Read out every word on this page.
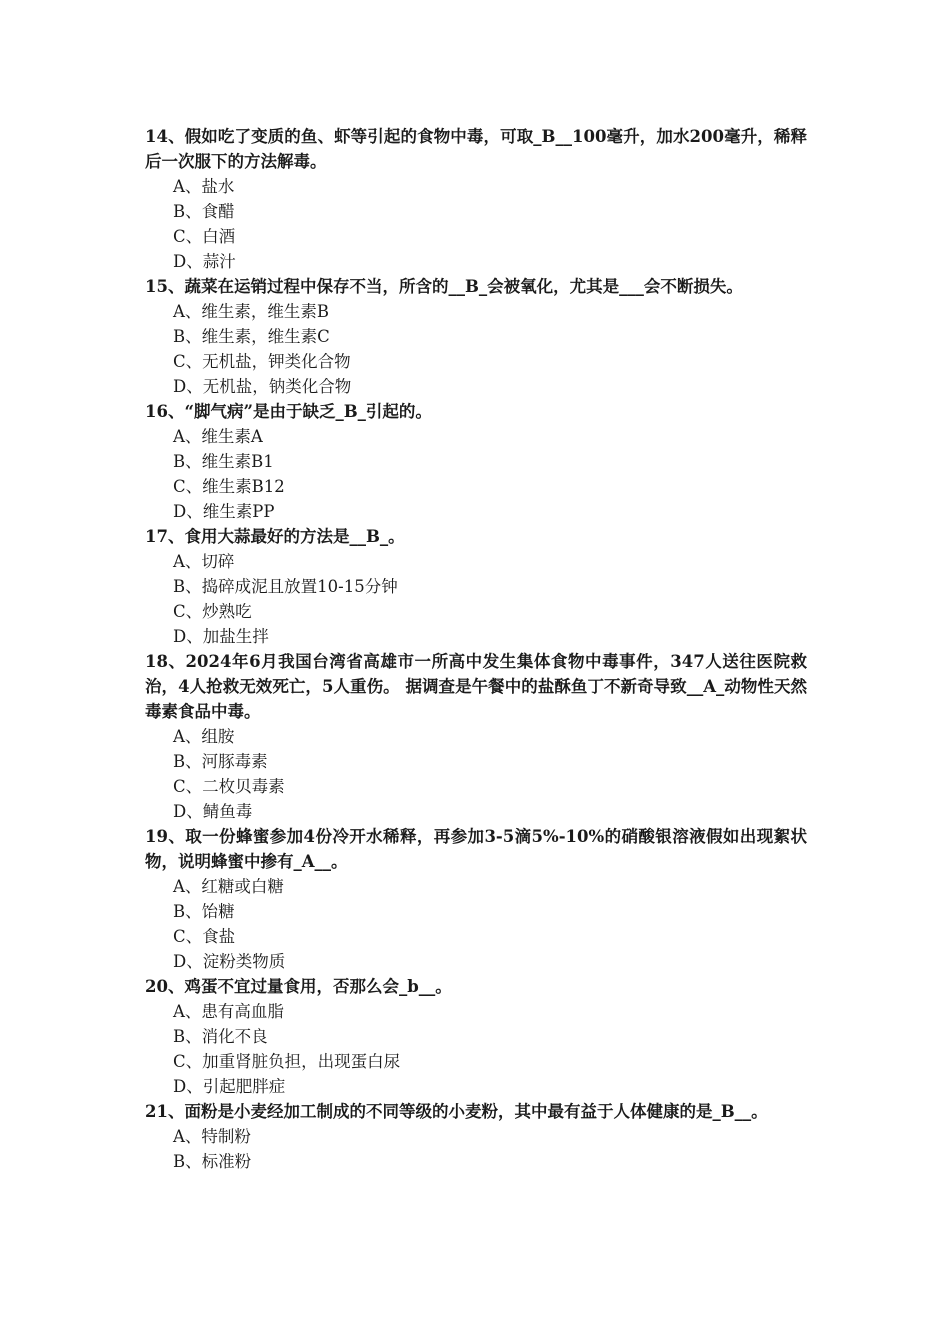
14、假如吃了变质的鱼、虾等引起的食物中毒，可取_B__100毫升，加水200毫升，稀释后一次服下的方法解毒。

A、盐水

B、食醋

C、白酒

D、蒜汁

15、蔬菜在运销过程中保存不当，所含的__B_会被氧化，尤其是___会不断损失。

A、维生素，维生素B

B、维生素，维生素C

C、无机盐，钾类化合物

D、无机盐，钠类化合物

16、“脚气病”是由于缺乏_B_引起的。

A、维生素A

B、维生素B1

C、维生素B12

D、维生素PP

17、食用大蒜最好的方法是__B_。

A、切碎

B、捣碎成泥且放置10-15分钟

C、炒熟吃

D、加盐生拌

18、2024年6月我国台湾省高雄市一所高中发生集体食物中毒事件，347人送往医院救治，4人抢救无效死亡，5人重伤。 据调查是午餐中的盐酥鱼丁不新奇导致__A_动物性天然毒素食品中毒。

A、组胺

B、河豚毒素

C、二枚贝毒素

D、鲭鱼毒

19、取一份蜂蜜参加4份冷开水稀释，再参加3-5滴5%-10%的硝酸银溶液假如出现絮状物，说明蜂蜜中掺有_A__。

A、红糖或白糖

B、饴糖

C、食盐

D、淀粉类物质

20、鸡蛋不宜过量食用，否那么会_b__。

A、患有高血脂

B、消化不良

C、加重肾脏负担，出现蛋白尿

D、引起肥胖症

21、面粉是小麦经加工制成的不同等级的小麦粉，其中最有益于人体健康的是_B__。

A、特制粉

B、标准粉
